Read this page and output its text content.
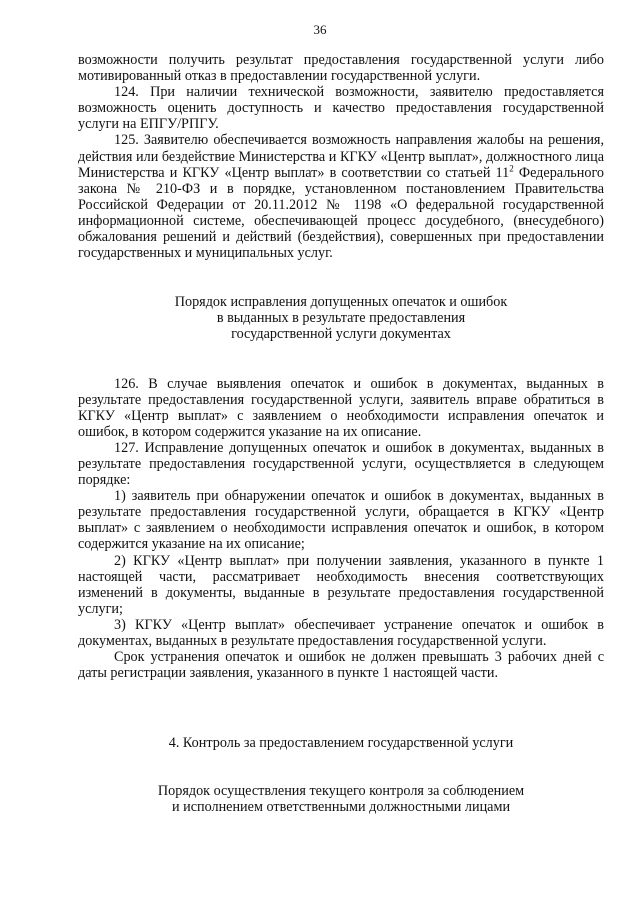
36

возможности получить результат предоставления государственной услуги либо мотивированный отказ в предоставлении государственной услуги.

124. При наличии технической возможности, заявителю предоставляется возможность оценить доступность и качество предоставления государственной услуги на ЕПГУ/РПГУ.

125. Заявителю обеспечивается возможность направления жалобы на решения, действия или бездействие Министерства и КГКУ «Центр выплат», должностного лица Министерства и КГКУ «Центр выплат» в соответствии со статьей $11^2$ Федерального закона № 210-ФЗ и в порядке, установленном постановлением Правительства Российской Федерации от 20.11.2012 № 1198 «О федеральной государственной информационной системе, обеспечивающей процесс досудебного, (внесудебного) обжалования решений и действий (бездействия), совершенных при предоставлении государственных и муниципальных услуг.

Порядок исправления допущенных опечаток и ошибок
в выданных в результате предоставления
государственной услуги документах

126. В случае выявления опечаток и ошибок в документах, выданных в результате предоставления государственной услуги, заявитель вправе обратиться в КГКУ «Центр выплат» с заявлением о необходимости исправления опечаток и ошибок, в котором содержится указание на их описание.

127. Исправление допущенных опечаток и ошибок в документах, выданных в результате предоставления государственной услуги, осуществляется в следующем порядке:

1) заявитель при обнаружении опечаток и ошибок в документах, выданных в результате предоставления государственной услуги, обращается в КГКУ «Центр выплат» с заявлением о необходимости исправления опечаток и ошибок, в котором содержится указание на их описание;

2) КГКУ «Центр выплат» при получении заявления, указанного в пункте 1 настоящей части, рассматривает необходимость внесения соответствующих изменений в документы, выданные в результате предоставления государственной услуги;

3) КГКУ «Центр выплат» обеспечивает устранение опечаток и ошибок в документах, выданных в результате предоставления государственной услуги.

Срок устранения опечаток и ошибок не должен превышать 3 рабочих дней с даты регистрации заявления, указанного в пункте 1 настоящей части.

4. Контроль за предоставлением государственной услуги

Порядок осуществления текущего контроля за соблюдением
и исполнением ответственными должностными лицами
